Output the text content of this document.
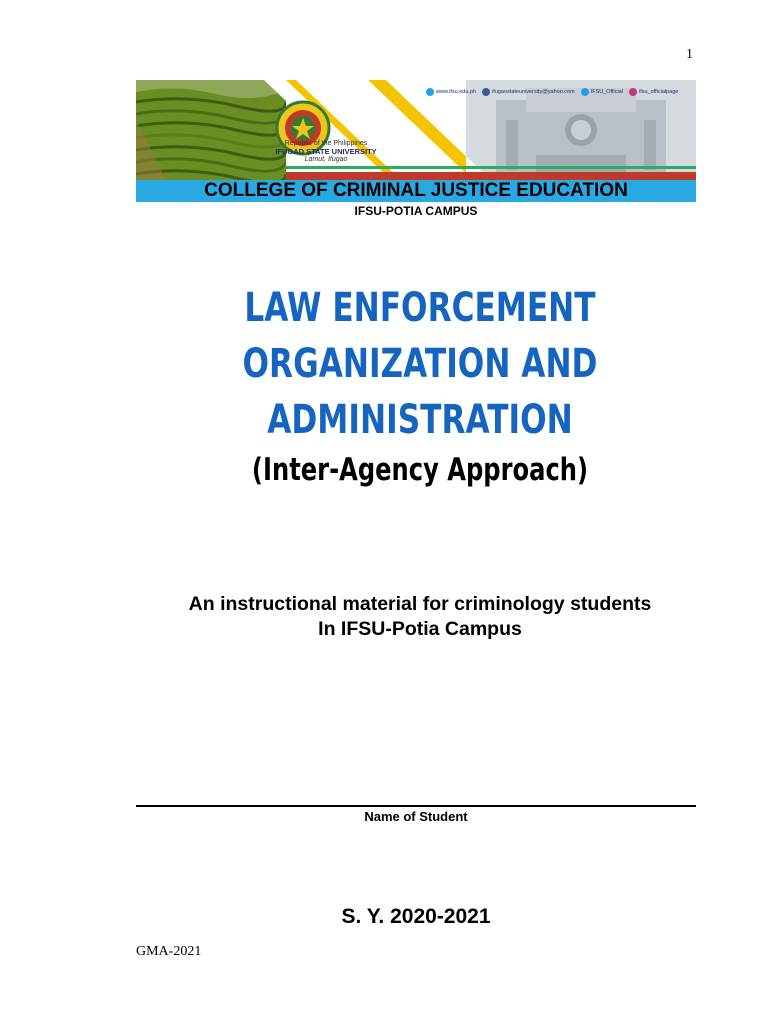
1
Republic of the Philippines
IFUGAD STATE UNIVERSITY
Lamut, Ifugao
www.ifsu.edu.ph	ifugaostateuniversity@yahoo.com	IFSU_Official	ifsu_officialpage
COLLEGE OF CRIMINAL JUSTICE EDUCATION
IFSU-POTIA CAMPUS
LAW ENFORCEMENT
ORGANIZATION AND
ADMINISTRATION
(Inter-Agency Approach)
An instructional material for criminology students
In IFSU-Potia Campus
Name of Student
S. Y. 2020-2021
GMA-2021
